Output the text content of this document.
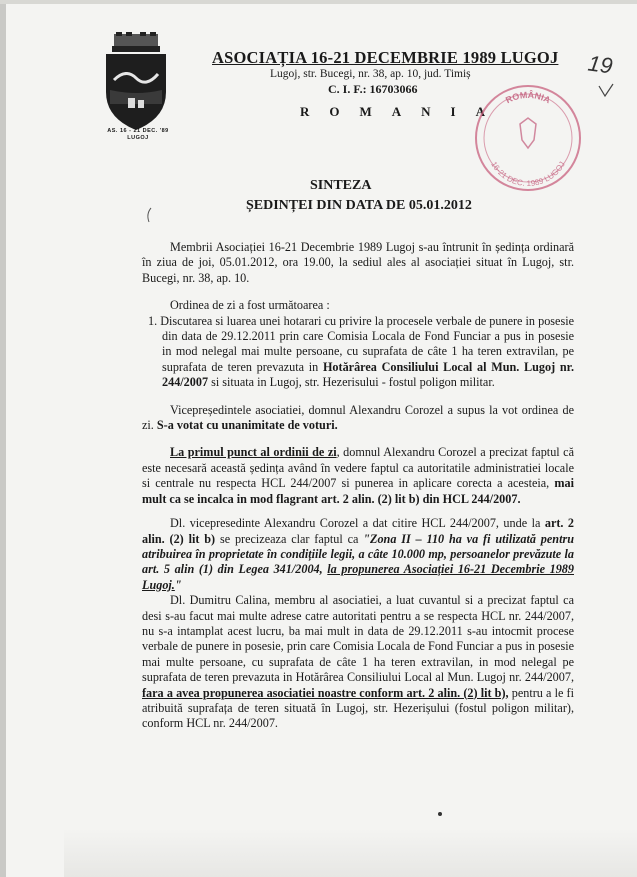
AS. 16 - 21 DEC. '89
LUGOJ
ASOCIAȚIA 16-21 DECEMBRIE 1989 LUGOJ
Lugoj, str. Bucegi, nr. 38, ap. 10, jud. Timiș
C. I. F.: 16703066
ROMANIA
19
ROMÂNIA
16-21 DEC. 1989 LUGOJ
SINTEZA
ȘEDINȚEI DIN DATA DE 05.01.2012

Membrii Asociației 16-21 Decembrie 1989 Lugoj s-au întrunit în ședința ordinară în ziua de joi, 05.01.2012, ora 19.00, la sediul ales al asociației situat în Lugoj, str. Bucegi, nr. 38, ap. 10.

Ordinea de zi a fost următoarea :

1. Discutarea si luarea unei hotarari cu privire la procesele verbale de punere in posesie din data de 29.12.2011 prin care Comisia Locala de Fond Funciar a pus in posesie in mod nelegal mai multe persoane, cu suprafata de câte 1 ha teren extravilan, pe suprafata de teren prevazuta in Hotărârea Consiliului Local al Mun. Lugoj nr. 244/2007 si situata in Lugoj, str. Hezerisului - fostul poligon militar.

Vicepreședintele asociatiei, domnul Alexandru Corozel a supus la vot ordinea de zi. S-a votat cu unanimitate de voturi.

La primul punct al ordinii de zi, domnul Alexandru Corozel a precizat faptul că este necesară această ședința având în vedere faptul ca autoritatile administratiei locale si centrale nu respecta HCL 244/2007 si punerea in aplicare corecta a acesteia, mai mult ca se incalca in mod flagrant art. 2 alin. (2) lit b) din HCL 244/2007.

Dl. vicepresedinte Alexandru Corozel a dat citire HCL 244/2007, unde la art. 2 alin. (2) lit b) se precizeaza clar faptul ca "Zona II – 110 ha va fi utilizată pentru atribuirea în proprietate în condițiile legii, a câte 10.000 mp, persoanelor prevăzute la art. 5 alin (1) din Legea 341/2004, la propunerea Asociației 16-21 Decembrie 1989 Lugoj."

Dl. Dumitru Calina, membru al asociatiei, a luat cuvantul si a precizat faptul ca desi s-au facut mai multe adrese catre autoritati pentru a se respecta HCL nr. 244/2007, nu s-a intamplat acest lucru, ba mai mult in data de 29.12.2011 s-au intocmit procese verbale de punere in posesie, prin care Comisia Locala de Fond Funciar a pus in posesie mai multe persoane, cu suprafata de câte 1 ha teren extravilan, in mod nelegal pe suprafata de teren prevazuta in Hotărârea Consiliului Local al Mun. Lugoj nr. 244/2007, fara a avea propunerea asociatiei noastre conform art. 2 alin. (2) lit b), pentru a le fi atribuită suprafața de teren situată în Lugoj, str. Hezerișului (fostul poligon militar), conform HCL nr. 244/2007.
